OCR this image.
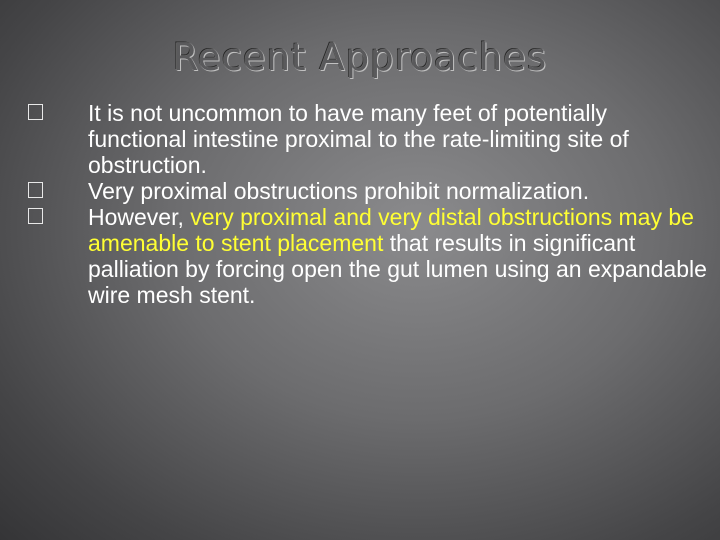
Recent Approaches
It is not uncommon to have many feet of potentially functional intestine proximal to the rate-limiting site of obstruction.
Very proximal obstructions prohibit normalization.
However, very proximal and very distal obstructions may be amenable to stent placement that results in significant palliation by forcing open the gut lumen using an expandable wire mesh stent.
